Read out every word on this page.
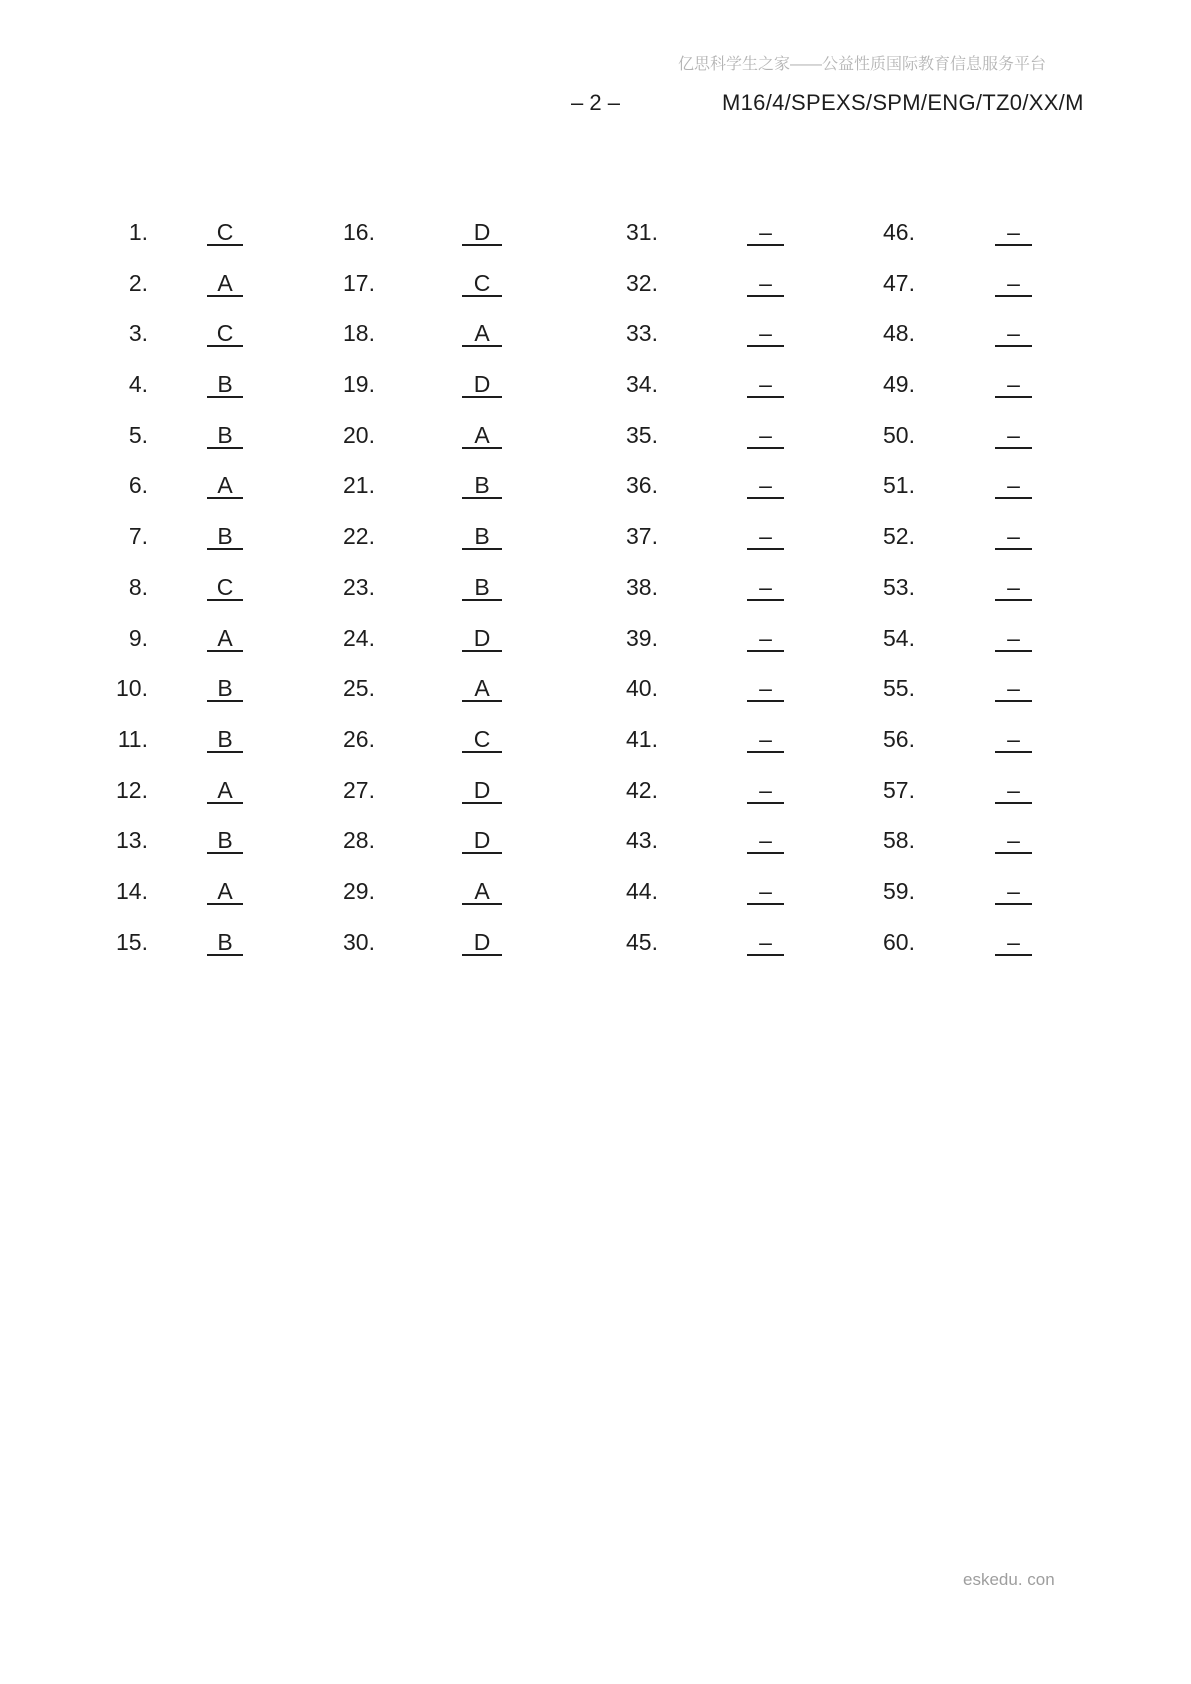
亿思科学生之家——公益性质国际教育信息服务平台
– 2 –	M16/4/SPEXS/SPM/ENG/TZ0/XX/M
1.	C
2.	A
3.	C
4.	B
5.	B
6.	A
7.	B
8.	C
9.	A
10.	B
11.	B
12.	A
13.	B
14.	A
15.	B
16.	D
17.	C
18.	A
19.	D
20.	A
21.	B
22.	B
23.	B
24.	D
25.	A
26.	C
27.	D
28.	D
29.	A
30.	D
31.	–
32.	–
33.	–
34.	–
35.	–
36.	–
37.	–
38.	–
39.	–
40.	–
41.	–
42.	–
43.	–
44.	–
45.	–
46.	–
47.	–
48.	–
49.	–
50.	–
51.	–
52.	–
53.	–
54.	–
55.	–
56.	–
57.	–
58.	–
59.	–
60.	–
eskedu. con
